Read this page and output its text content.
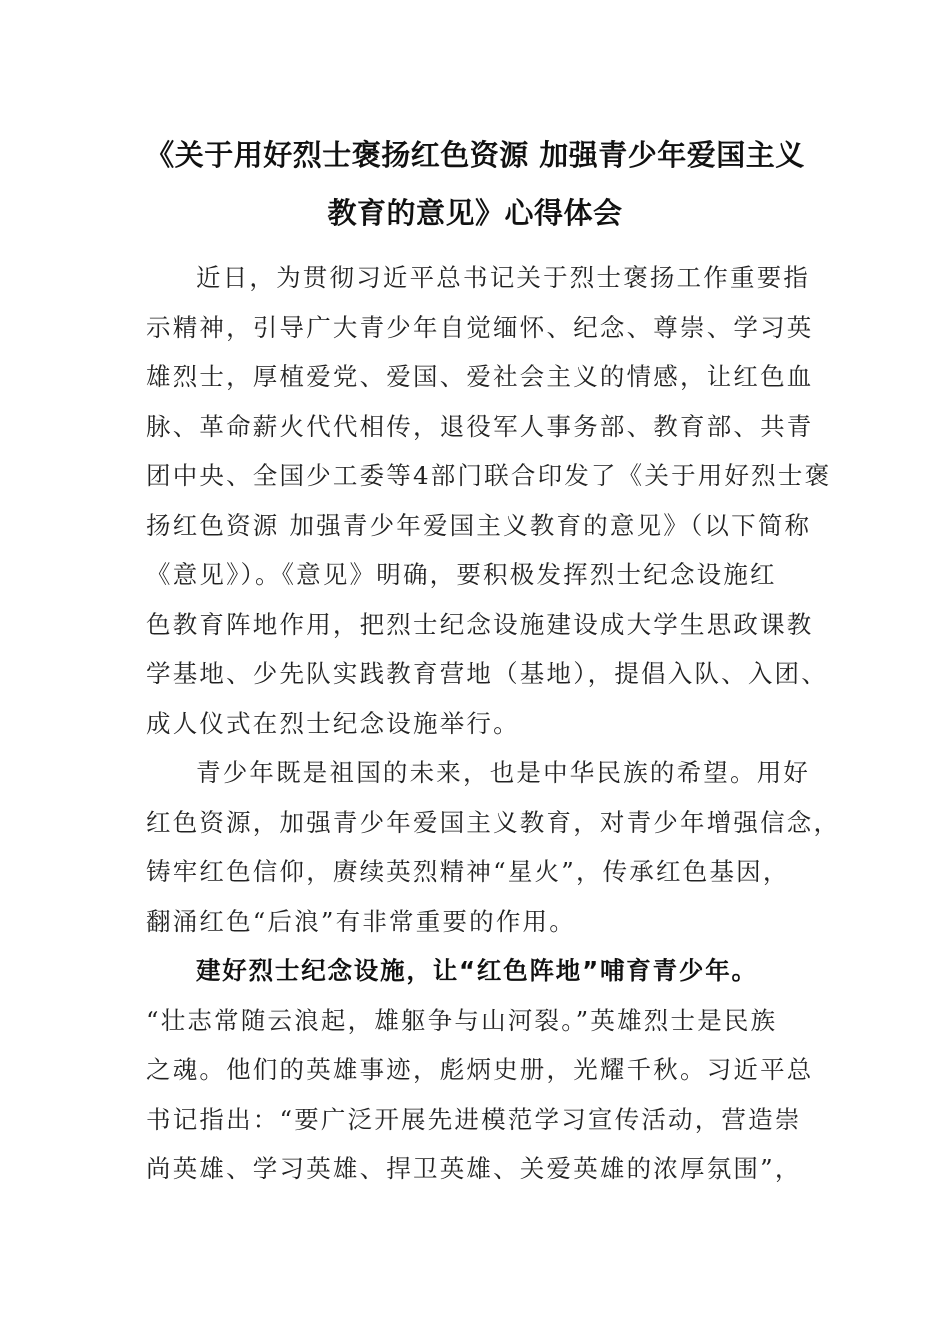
《关于用好烈士褒扬红色资源 加强青少年爱国主义
教育的意见》心得体会
近日，为贯彻习近平总书记关于烈士褒扬工作重要指
示精神，引导广大青少年自觉缅怀、纪念、尊崇、学习英
雄烈士，厚植爱党、爱国、爱社会主义的情感，让红色血
脉、革命薪火代代相传，退役军人事务部、教育部、共青
团中央、全国少工委等4部门联合印发了《关于用好烈士褒
扬红色资源 加强青少年爱国主义教育的意见》（以下简称
《意见》）。《意见》明确，要积极发挥烈士纪念设施红
色教育阵地作用，把烈士纪念设施建设成大学生思政课教
学基地、少先队实践教育营地（基地），提倡入队、入团、
成人仪式在烈士纪念设施举行。
青少年既是祖国的未来，也是中华民族的希望。用好
红色资源，加强青少年爱国主义教育，对青少年增强信念，
铸牢红色信仰，赓续英烈精神“星火”，传承红色基因，
翻涌红色“后浪”有非常重要的作用。
建好烈士纪念设施，让“红色阵地”哺育青少年。
“壮志常随云浪起，雄躯争与山河裂。”英雄烈士是民族
之魂。他们的英雄事迹，彪炳史册，光耀千秋。习近平总
书记指出：“要广泛开展先进模范学习宣传活动，营造崇
尚英雄、学习英雄、捍卫英雄、关爱英雄的浓厚氛围”，
